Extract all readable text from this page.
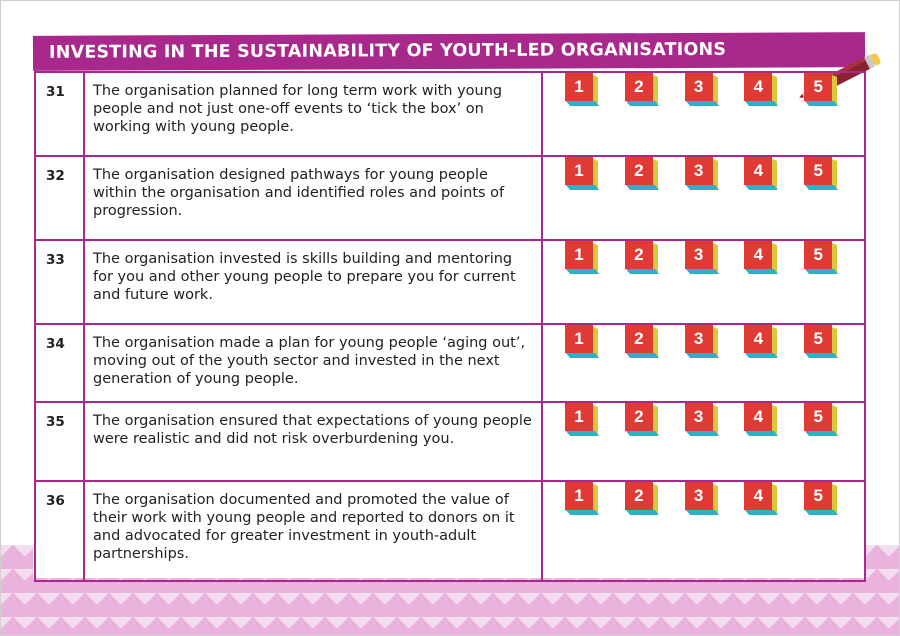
INVESTING IN THE SUSTAINABILITY OF YOUTH-LED ORGANISATIONS
31	The organisation planned for long term work with young people and not just one-off events to ‘tick the box’ on working with young people.	1 2 3 4 5

32	The organisation designed pathways for young people within the organisation and identified roles and points of progression.	1 2 3 4 5

33	The organisation invested is skills building and mentoring for you and other young people to prepare you for current and future work.	1 2 3 4 5

34	The organisation made a plan for young people ‘aging out’, moving out of the youth sector and invested in the next generation of young people.	1 2 3 4 5

35	The organisation ensured that expectations of young people were realistic and did not risk overburdening you.	1 2 3 4 5

36	The organisation documented and promoted the value of their work with young people and reported to donors on it and advocated for greater investment in youth-adult partnerships.	1 2 3 4 5
